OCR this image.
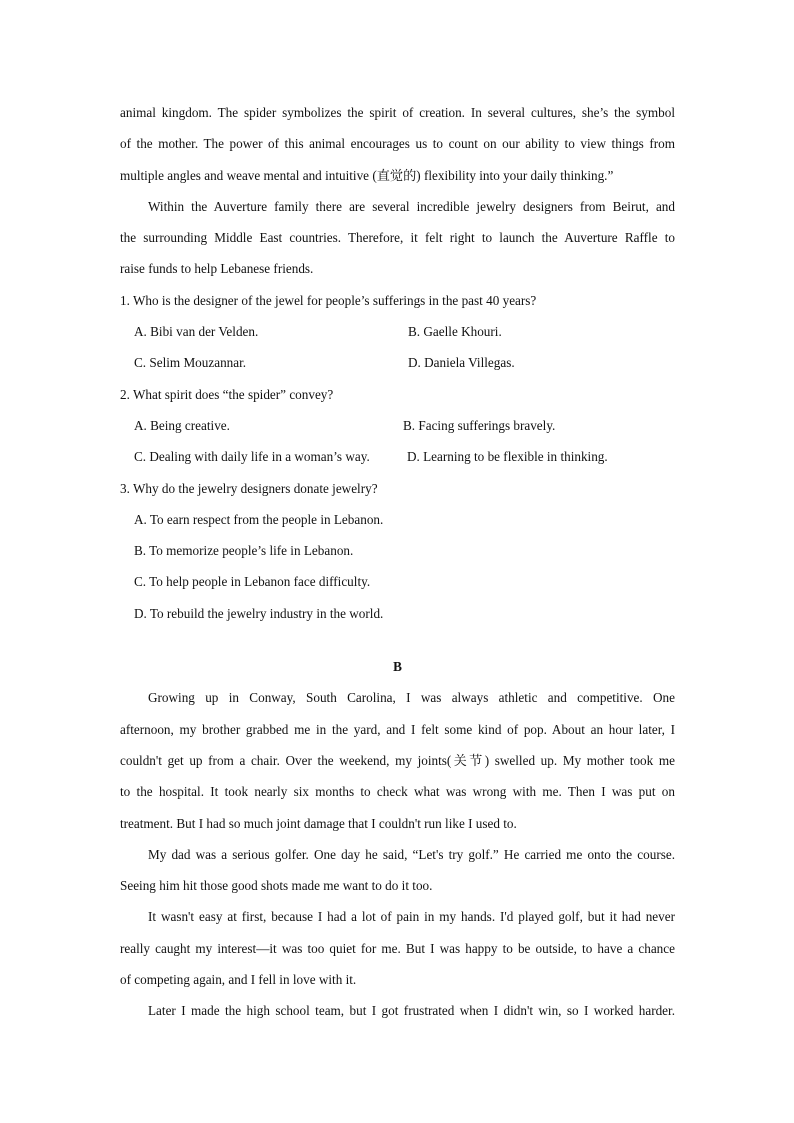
animal kingdom. The spider symbolizes the spirit of creation. In several cultures, she’s the symbol
of the mother. The power of this animal encourages us to count on our ability to view things from
multiple angles and weave mental and intuitive (直觉的) flexibility into your daily thinking.”
Within the Auverture family there are several incredible jewelry designers from Beirut, and
the surrounding Middle East countries. Therefore, it felt right to launch the Auverture Raffle to
raise funds to help Lebanese friends.
1. Who is the designer of the jewel for people’s sufferings in the past 40 years?
A. Bibi van der Velden.	B. Gaelle Khouri.
C. Selim Mouzannar.	D. Daniela Villegas.
2. What spirit does “the spider” convey?
A. Being creative.	B. Facing sufferings bravely.
C. Dealing with daily life in a woman’s way.	D. Learning to be flexible in thinking.
3. Why do the jewelry designers donate jewelry?
A. To earn respect from the people in Lebanon.
B. To memorize people’s life in Lebanon.
C. To help people in Lebanon face difficulty.
D. To rebuild the jewelry industry in the world.
B
Growing up in Conway, South Carolina, I was always athletic and competitive. One
afternoon, my brother grabbed me in the yard, and I felt some kind of pop. About an hour later, I
couldn't get up from a chair. Over the weekend, my joints(关节) swelled up. My mother took me
to the hospital. It took nearly six months to check what was wrong with me. Then I was put on
treatment. But I had so much joint damage that I couldn't run like I used to.
My dad was a serious golfer. One day he said, “Let's try golf.” He carried me onto the course.
Seeing him hit those good shots made me want to do it too.
It wasn't easy at first, because I had a lot of pain in my hands. I'd played golf, but it had never
really caught my interest—it was too quiet for me. But I was happy to be outside, to have a chance
of competing again, and I fell in love with it.
Later I made the high school team, but I got frustrated when I didn't win, so I worked harder.
